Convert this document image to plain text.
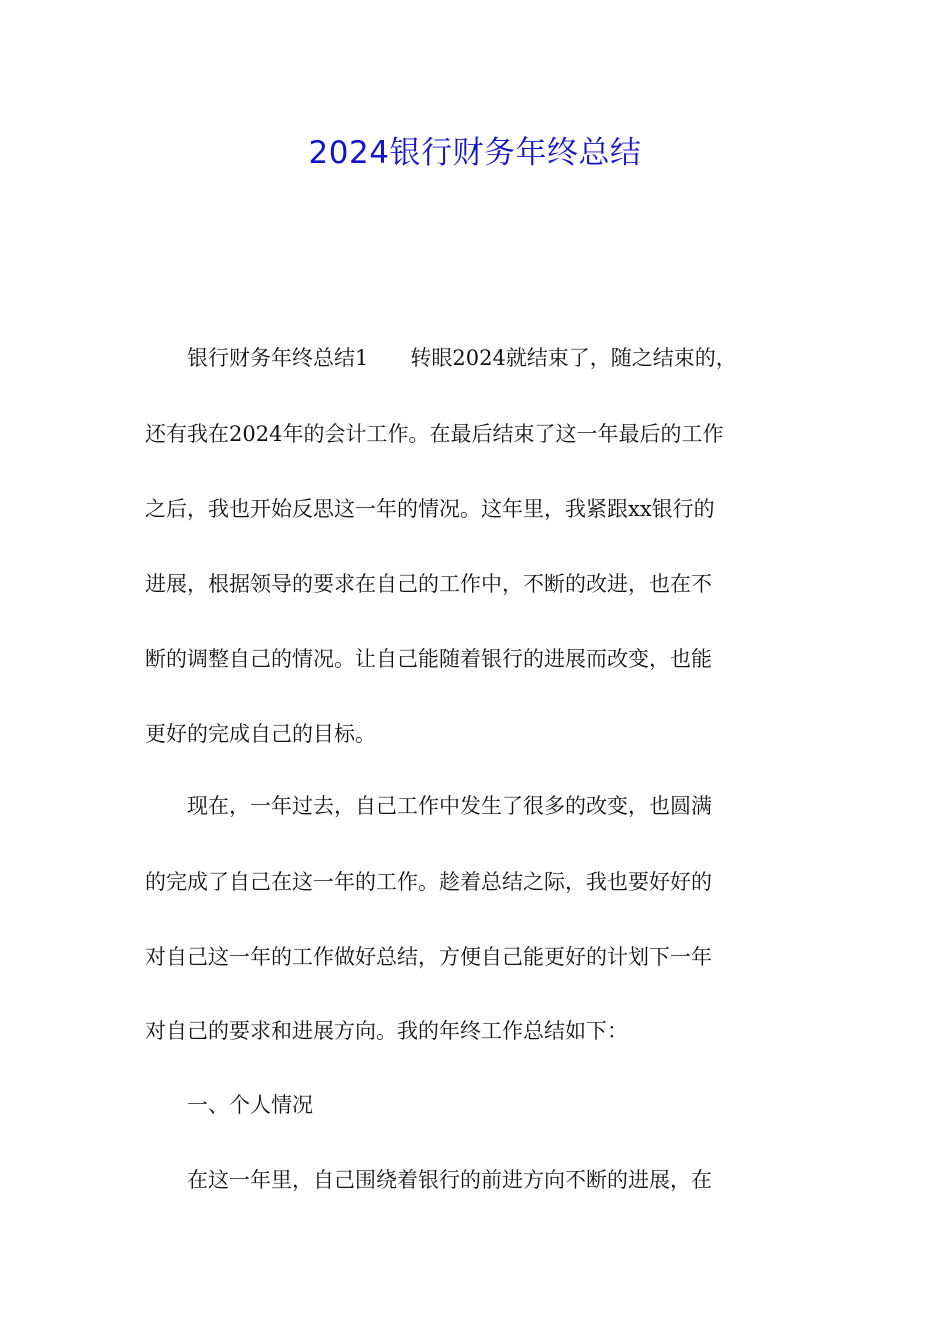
2024银行财务年终总结
　　银行财务年终总结1　　转眼2024就结束了，随之结束的，
还有我在2024年的会计工作。在最后结束了这一年最后的工作
之后，我也开始反思这一年的情况。这年里，我紧跟xx银行的
进展，根据领导的要求在自己的工作中，不断的改进，也在不
断的调整自己的情况。让自己能随着银行的进展而改变，也能
更好的完成自己的目标。
　　现在，一年过去，自己工作中发生了很多的改变，也圆满
的完成了自己在这一年的工作。趁着总结之际，我也要好好的
对自己这一年的工作做好总结，方便自己能更好的计划下一年
对自己的要求和进展方向。我的年终工作总结如下：
　　一、个人情况
　　在这一年里，自己围绕着银行的前进方向不断的进展，在
